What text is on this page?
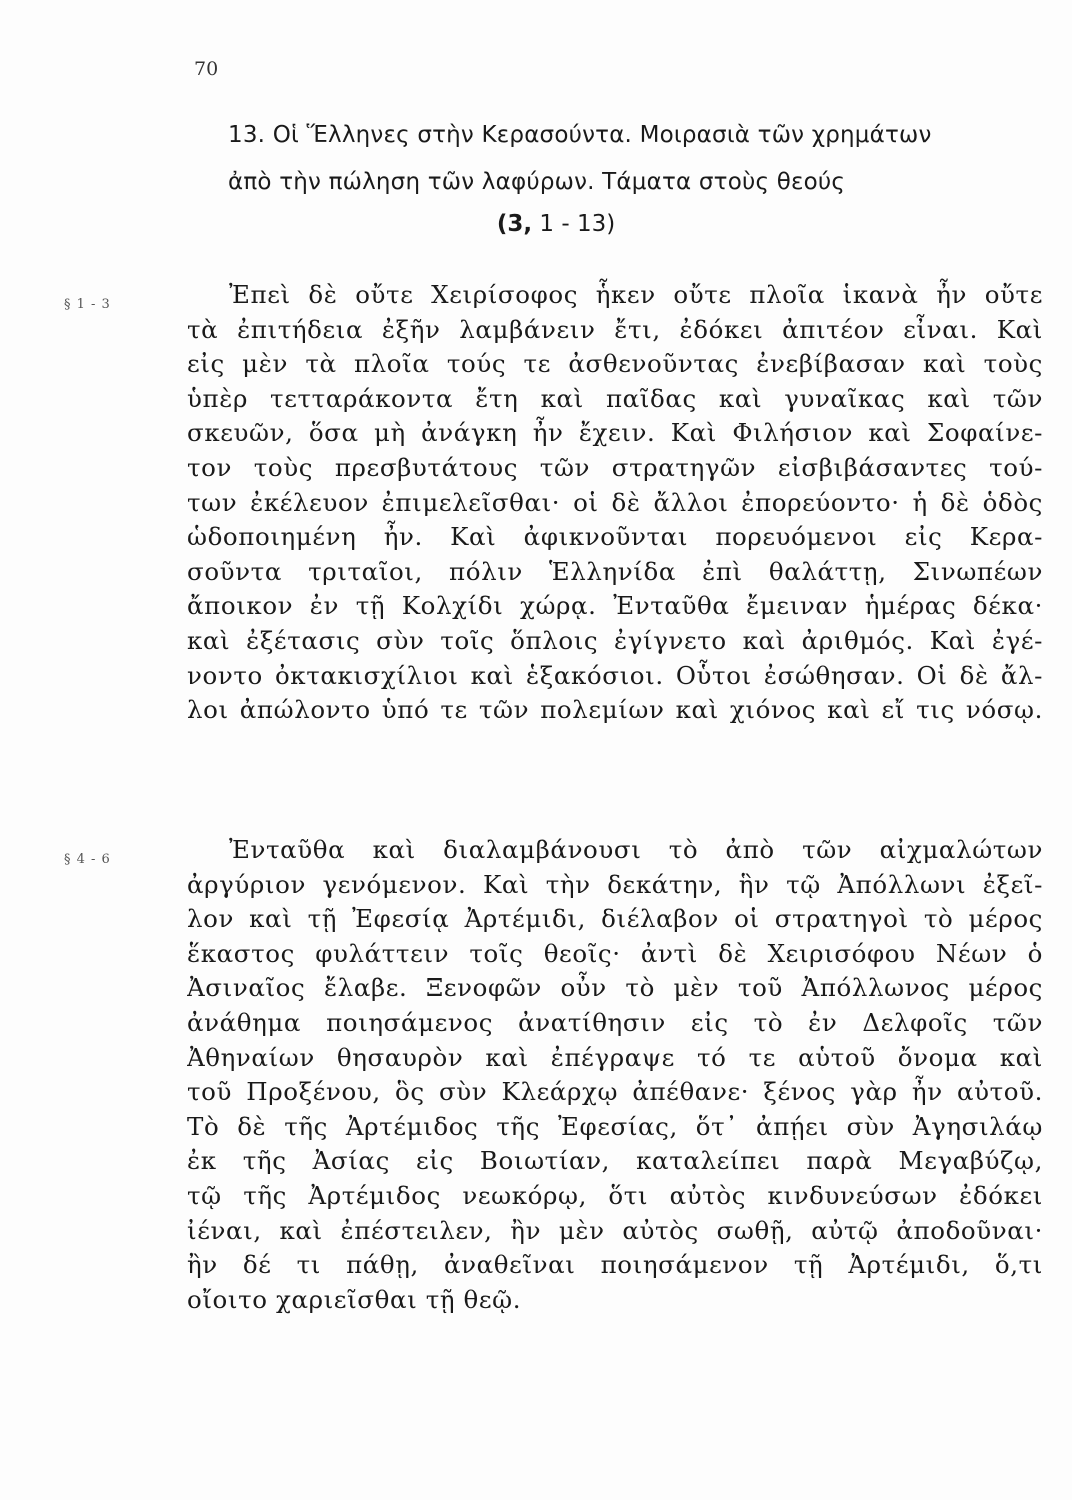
70
13. Οἱ Ἕλληνες στὴν Κερασούντα. Μοιρασιὰ τῶν χρημάτων
ἀπὸ τὴν πώληση τῶν λαφύρων. Τάματα στοὺς θεούς
(3, 1 - 13)
§ 1 - 3	Ἐπεὶ δὲ οὔτε Χειρίσοφος ἧκεν οὔτε πλοῖα ἱκανὰ ἦν οὔτε
τὰ ἐπιτήδεια ἐξῆν λαμβάνειν ἔτι, ἐδόκει ἀπιτέον εἶναι. Καὶ
εἰς μὲν τὰ πλοῖα τούς τε ἀσθενοῦντας ἐνεβίβασαν καὶ τοὺς
ὑπὲρ τετταράκοντα ἔτη καὶ παῖδας καὶ γυναῖκας καὶ τῶν
σκευῶν, ὅσα μὴ ἀνάγκη ἦν ἔχειν. Καὶ Φιλήσιον καὶ Σοφαίνε-
τον τοὺς πρεσβυτάτους τῶν στρατηγῶν εἰσβιβάσαντες τού-
των ἐκέλευον ἐπιμελεῖσθαι· οἱ δὲ ἄλλοι ἐπορεύοντο· ἡ δὲ ὁδὸς
ὡδοποιημένη ἦν. Καὶ ἀφικνοῦνται πορευόμενοι εἰς Κερα-
σοῦντα τριταῖοι, πόλιν Ἑλληνίδα ἐπὶ θαλάττῃ, Σινωπέων
ἄποικον ἐν τῇ Κολχίδι χώρᾳ. Ἐνταῦθα ἔμειναν ἡμέρας δέκα·
καὶ ἐξέτασις σὺν τοῖς ὅπλοις ἐγίγνετο καὶ ἀριθμός. Καὶ ἐγέ-
νοντο ὀκτακισχίλιοι καὶ ἑξακόσιοι. Οὗτοι ἐσώθησαν. Οἱ δὲ ἄλ-
λοι ἀπώλοντο ὑπό τε τῶν πολεμίων καὶ χιόνος καὶ εἴ τις νόσῳ.
§ 4 - 6	Ἐνταῦθα καὶ διαλαμβάνουσι τὸ ἀπὸ τῶν αἰχμαλώτων
ἀργύριον γενόμενον. Καὶ τὴν δεκάτην, ἣν τῷ Ἀπόλλωνι ἐξεῖ-
λον καὶ τῇ Ἐφεσίᾳ Ἀρτέμιδι, διέλαβον οἱ στρατηγοὶ τὸ μέρος
ἕκαστος φυλάττειν τοῖς θεοῖς· ἀντὶ δὲ Χειρισόφου Νέων ὁ
Ἀσιναῖος ἔλαβε. Ξενοφῶν οὖν τὸ μὲν τοῦ Ἀπόλλωνος μέρος
ἀνάθημα ποιησάμενος ἀνατίθησιν εἰς τὸ ἐν Δελφοῖς τῶν
Ἀθηναίων θησαυρὸν καὶ ἐπέγραψε τό τε αὑτοῦ ὄνομα καὶ
τοῦ Προξένου, ὃς σὺν Κλεάρχῳ ἀπέθανε· ξένος γὰρ ἦν αὐτοῦ.
Τὸ δὲ τῆς Ἀρτέμιδος τῆς Ἐφεσίας, ὅτ᾽ ἀπῄει σὺν Ἀγησιλάῳ
ἐκ τῆς Ἀσίας εἰς Βοιωτίαν, καταλείπει παρὰ Μεγαβύζῳ,
τῷ τῆς Ἀρτέμιδος νεωκόρῳ, ὅτι αὐτὸς κινδυνεύσων ἐδόκει
ἰέναι, καὶ ἐπέστειλεν, ἢν μὲν αὐτὸς σωθῇ, αὐτῷ ἀποδοῦναι·
ἢν δέ τι πάθῃ, ἀναθεῖναι ποιησάμενον τῇ Ἀρτέμιδι, ὅ,τι
οἴοιτο χαριεῖσθαι τῇ θεῷ.
